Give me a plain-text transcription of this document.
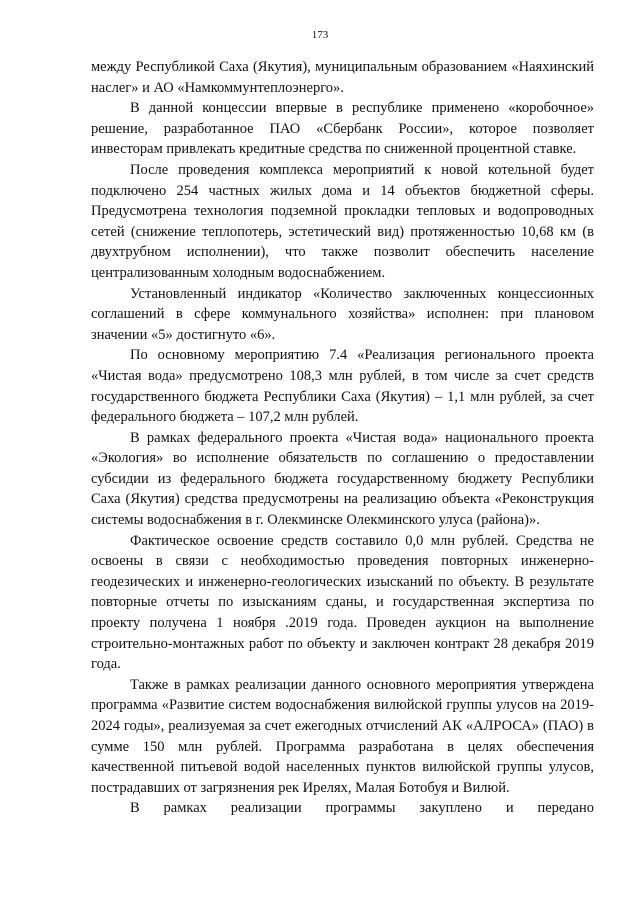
173

между Республикой Саха (Якутия), муниципальным образованием «Наяхинский наслег» и АО «Намкоммунтеплоэнерго».

В данной концессии впервые в республике применено «коробочное» решение, разработанное ПАО «Сбербанк России», которое позволяет инвесторам привлекать кредитные средства по сниженной процентной ставке.

После проведения комплекса мероприятий к новой котельной будет подключено 254 частных жилых дома и 14 объектов бюджетной сферы. Предусмотрена технология подземной прокладки тепловых и водопроводных сетей (снижение теплопотерь, эстетический вид) протяженностью 10,68 км (в двухтрубном исполнении), что также позволит обеспечить население централизованным холодным водоснабжением.

Установленный индикатор «Количество заключенных концессионных соглашений в сфере коммунального хозяйства» исполнен: при плановом значении «5» достигнуто «6».

По основному мероприятию 7.4 «Реализация регионального проекта «Чистая вода» предусмотрено 108,3 млн рублей, в том числе за счет средств государственного бюджета Республики Саха (Якутия) – 1,1 млн рублей, за счет федерального бюджета – 107,2 млн рублей.

В рамках федерального проекта «Чистая вода» национального проекта «Экология» во исполнение обязательств по соглашению о предоставлении субсидии из федерального бюджета государственному бюджету Республики Саха (Якутия) средства предусмотрены на реализацию объекта «Реконструкция системы водоснабжения в г. Олекминске Олекминского улуса (района)».

Фактическое освоение средств составило 0,0 млн рублей. Средства не освоены в связи с необходимостью проведения повторных инженерно-геодезических и инженерно-геологических изысканий по объекту. В результате повторные отчеты по изысканиям сданы, и государственная экспертиза по проекту получена 1 ноября .2019 года. Проведен аукцион на выполнение строительно-монтажных работ по объекту и заключен контракт 28 декабря 2019 года.

Также в рамках реализации данного основного мероприятия утверждена программа «Развитие систем водоснабжения вилюйской группы улусов на 2019-2024 годы», реализуемая за счет ежегодных отчислений АК «АЛРОСА» (ПАО) в сумме 150 млн рублей. Программа разработана в целях обеспечения качественной питьевой водой населенных пунктов вилюйской группы улусов, пострадавших от загрязнения рек Ирелях, Малая Ботобуя и Вилюй.

В рамках реализации программы закуплено и передано
